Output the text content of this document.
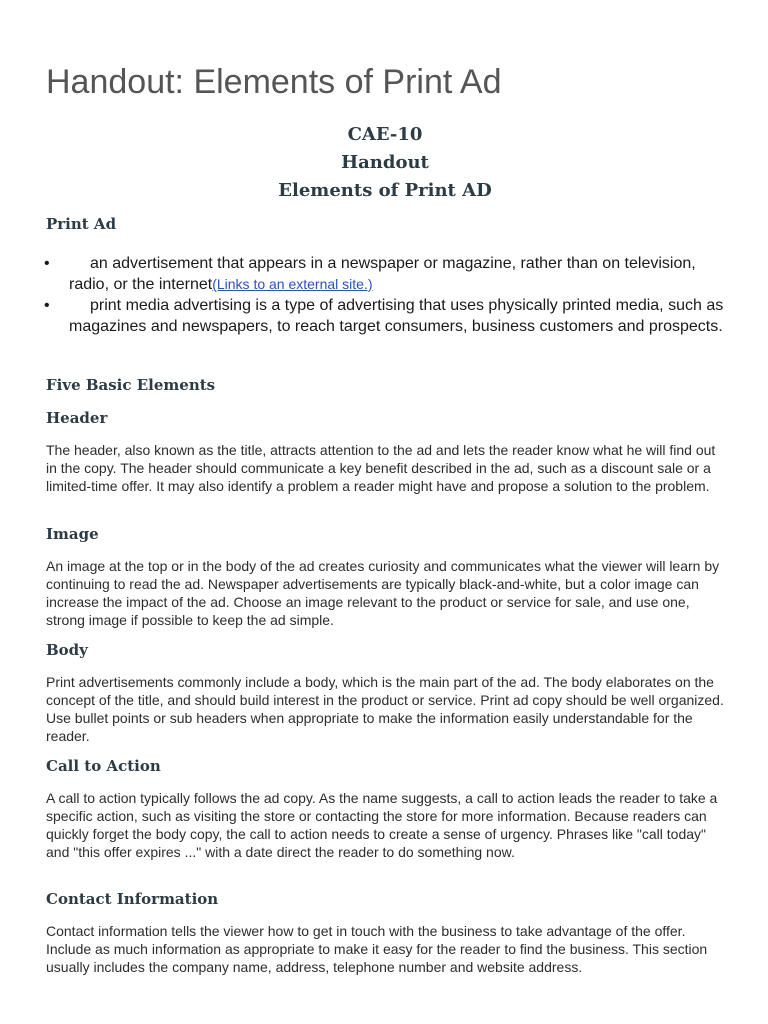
Handout: Elements of Print Ad
CAE-10
Handout
Elements of Print AD
Print Ad
•	an advertisement that appears in a newspaper or magazine, rather than on television, radio, or the internet(Links to an external site.)
•	print media advertising is a type of advertising that uses physically printed media, such as magazines and newspapers, to reach target consumers, business customers and prospects.
Five Basic Elements
Header

The header, also known as the title, attracts attention to the ad and lets the reader know what he will find out in the copy. The header should communicate a key benefit described in the ad, such as a discount sale or a limited-time offer. It may also identify a problem a reader might have and propose a solution to the problem.

Image

An image at the top or in the body of the ad creates curiosity and communicates what the viewer will learn by continuing to read the ad. Newspaper advertisements are typically black-and-white, but a color image can increase the impact of the ad. Choose an image relevant to the product or service for sale, and use one, strong image if possible to keep the ad simple.

Body

Print advertisements commonly include a body, which is the main part of the ad. The body elaborates on the concept of the title, and should build interest in the product or service. Print ad copy should be well organized. Use bullet points or sub headers when appropriate to make the information easily understandable for the reader.

Call to Action

A call to action typically follows the ad copy. As the name suggests, a call to action leads the reader to take a specific action, such as visiting the store or contacting the store for more information. Because readers can quickly forget the body copy, the call to action needs to create a sense of urgency. Phrases like "call today" and "this offer expires ..." with a date direct the reader to do something now.

Contact Information

Contact information tells the viewer how to get in touch with the business to take advantage of the offer. Include as much information as appropriate to make it easy for the reader to find the business. This section usually includes the company name, address, telephone number and website address.
